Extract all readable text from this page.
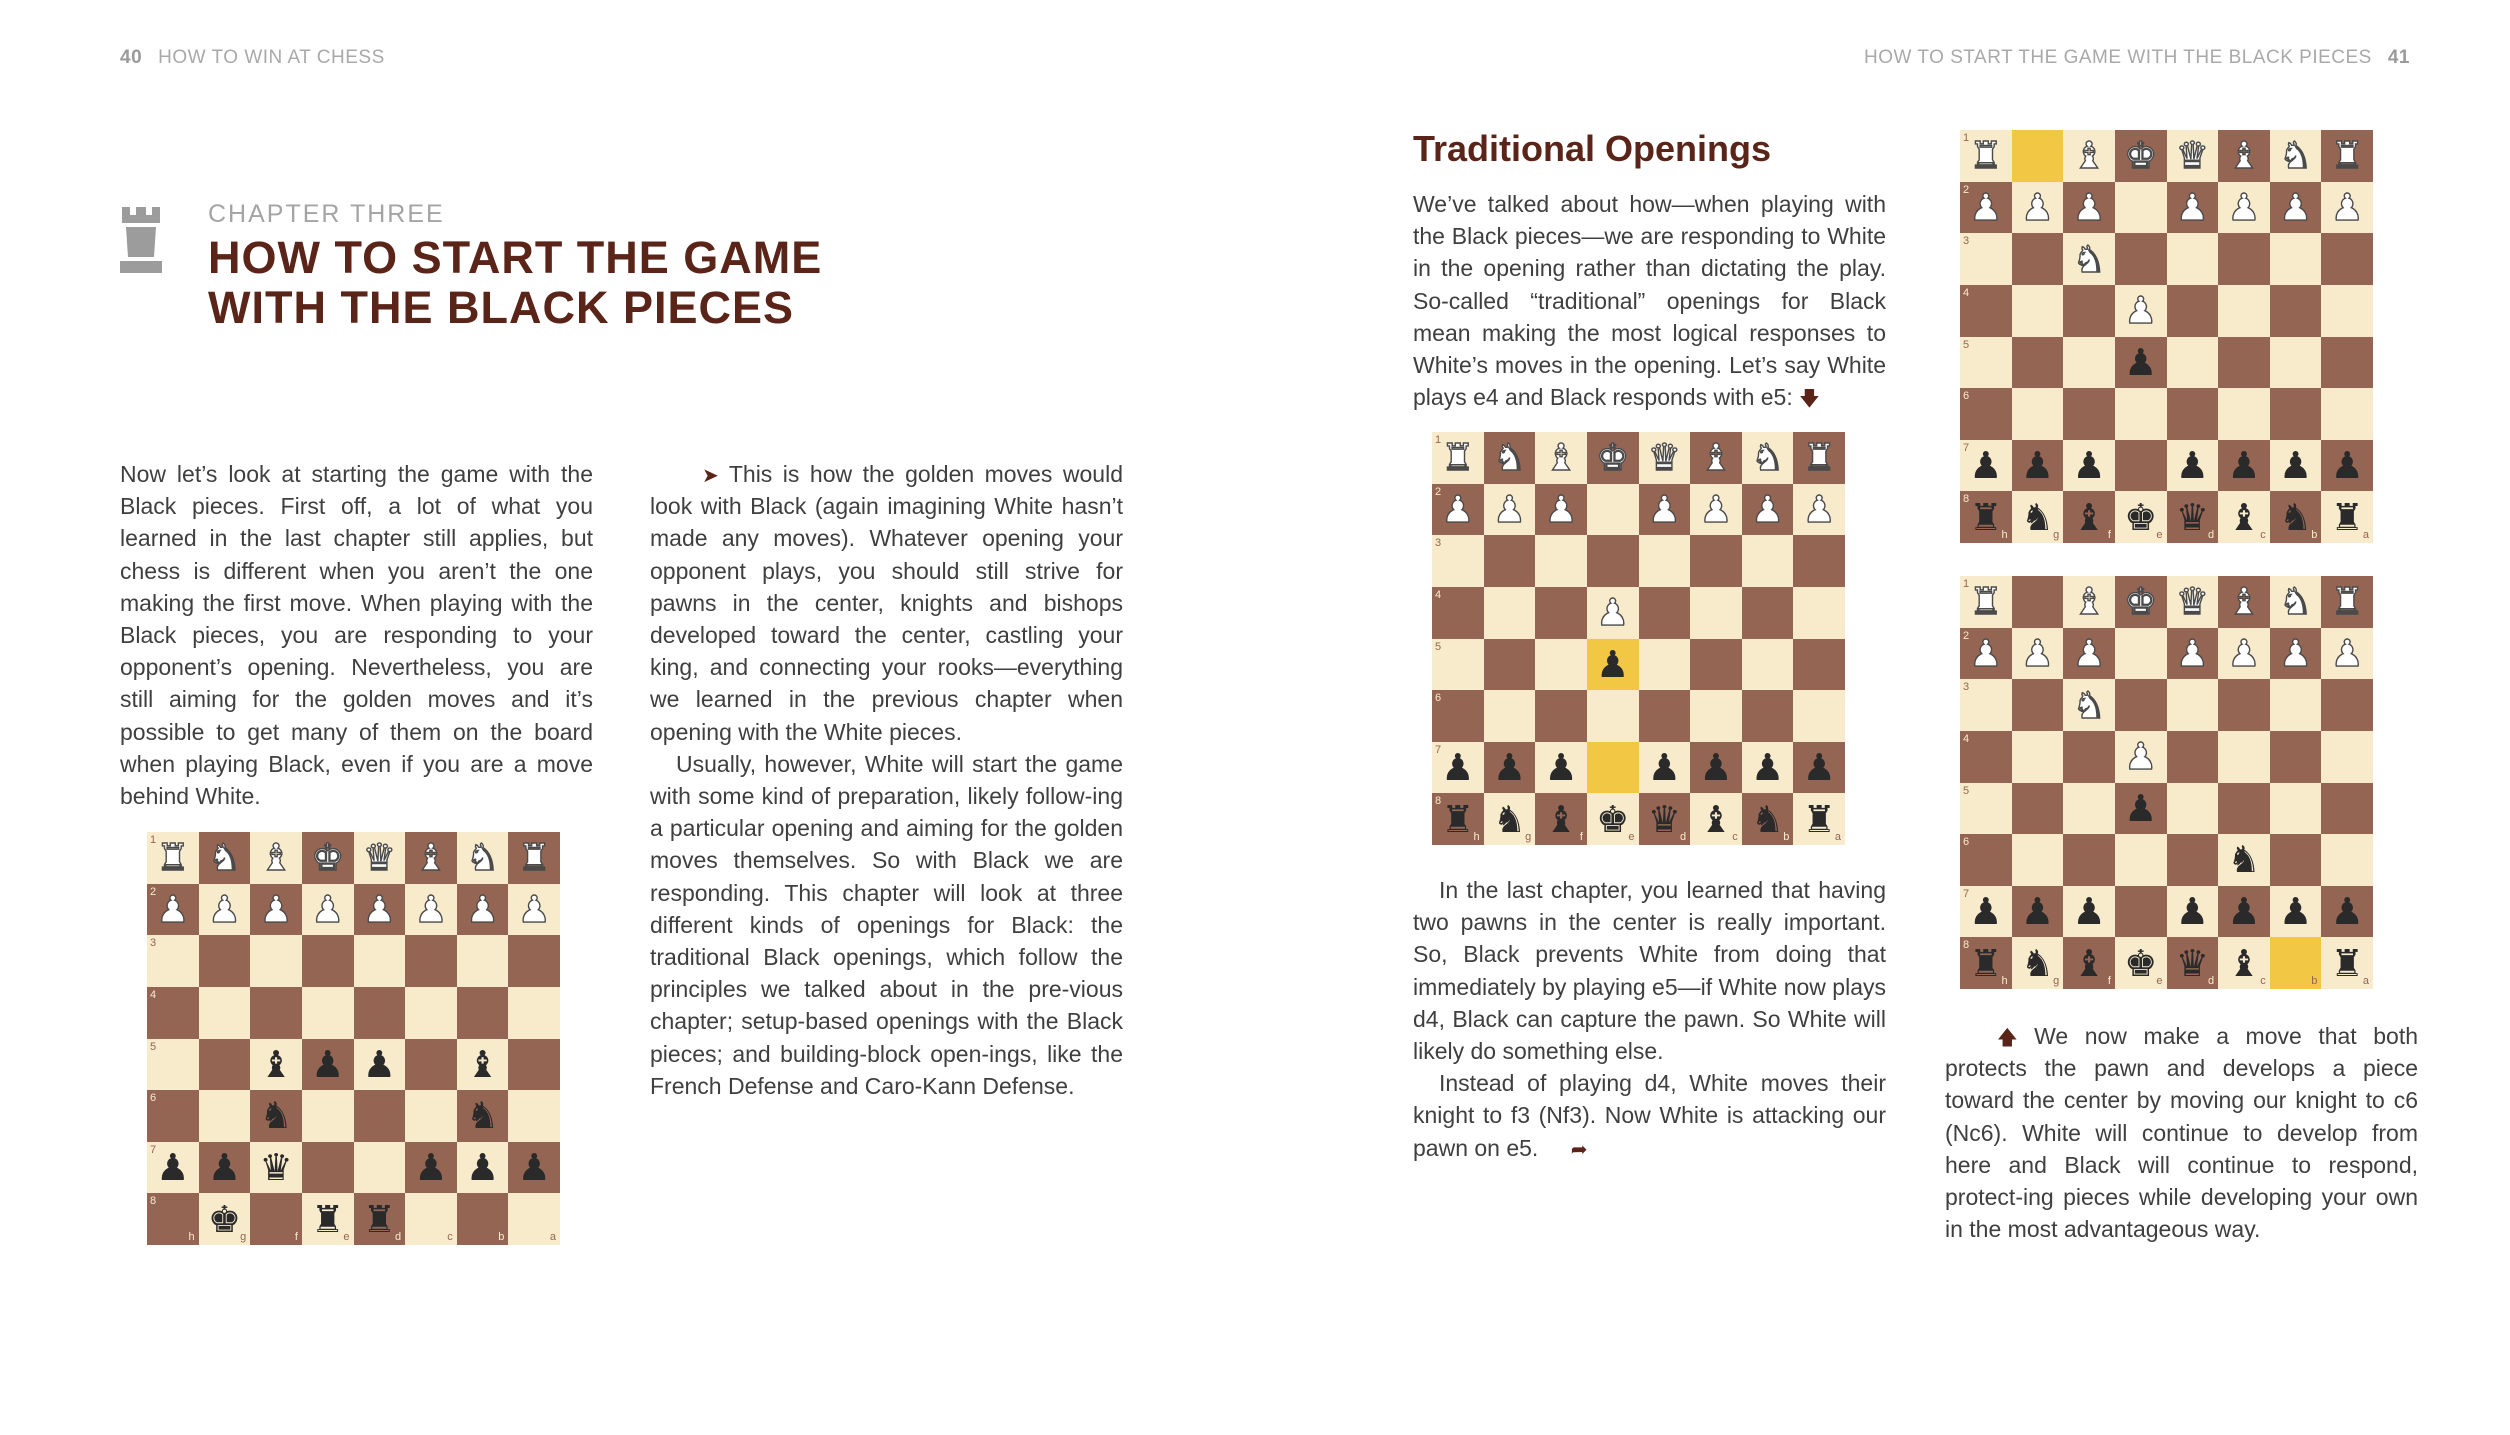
40 HOW TO WIN AT CHESS	HOW TO START THE GAME WITH THE BLACK PIECES 41
CHAPTER THREE
HOW TO START THE GAME
WITH THE BLACK PIECES

Now let’s look at starting the game with the Black pieces. First off, a lot of what you learned in the last chapter still applies, but chess is different when you aren’t the one making the first move. When playing with the Black pieces, you are responding to your opponent’s opening. Nevertheless, you are still aiming for the golden moves and it’s possible to get many of them on the board when playing Black, even if you are a move behind White.

➤ This is how the golden moves would look with Black (again imagining White hasn’t made any moves). Whatever opening your opponent plays, you should still strive for pawns in the center, knights and bishops developed toward the center, castling your king, and connecting your rooks—everything we learned in the previous chapter when opening with the White pieces.

Usually, however, White will start the game with some kind of preparation, likely follow-ing a particular opening and aiming for the golden moves themselves. So with Black we are responding. This chapter will look at three different kinds of openings for Black: the traditional Black openings, which follow the principles we talked about in the pre-vious chapter; setup-based openings with the Black pieces; and building-block open-ings, like the French Defense and Caro-Kann Defense.

Traditional Openings

We’ve talked about how—when playing with the Black pieces—we are responding to White in the opening rather than dictating the play. So-called “traditional” openings for Black mean making the most logical responses to White’s moves in the opening. Let’s say White plays e4 and Black responds with e5: 🡇

In the last chapter, you learned that having two pawns in the center is really important. So, Black prevents White from doing that immediately by playing e5—if White now plays d4, Black can capture the pawn. So White will likely do something else.

Instead of playing d4, White moves their knight to f3 (Nf3). Now White is attacking our pawn on e5. ➦

🡅 We now make a move that both protects the pawn and develops a piece toward the center by moving our knight to c6 (Nc6). White will continue to develop from here and Black will continue to respond, protect-ing pieces while developing your own in the most advantageous way.

1 ♜ ♞ ♝ ♚ ♛ ♝ ♞ ♜
2 ♟ ♟ ♟ ♟ ♟ ♟ ♟ ♟
3
4
5	♝ ♟ ♟ ♝
6	♞	♞
7 ♟ ♟ ♛	♟ ♟ ♟
8
h	g
♚	f	e
♜	d
♜	c	b	a
1 ♜ ♞ ♝ ♚ ♛ ♝ ♞ ♜
2 ♟ ♟ ♟ ♟ ♟ ♟ ♟
3
4	♟
5	♟
6
7 ♟ ♟ ♟ ♟ ♟ ♟ ♟
8
h
♜	g
♞	f
♝	e
♚	d
♛	c
♝	b
♞	a
♜
1 ♜ ♝ ♚ ♛ ♝ ♞ ♜
2 ♟ ♟ ♟ ♟ ♟ ♟ ♟
3	♞
4	♟
5	♟
6
7 ♟ ♟ ♟ ♟ ♟ ♟ ♟
8
h
♜	g
♞	f
♝	e
♚	d
♛	c
♝	b
♞	a
♜
1 ♜ ♝ ♚ ♛ ♝ ♞ ♜
2 ♟ ♟ ♟ ♟ ♟ ♟ ♟
3	♞
4	♟
5	♟
6	♞
7 ♟ ♟ ♟ ♟ ♟ ♟ ♟
8
h
♜	g
♞	f
♝	e
♚	d
♛	c
♝	b	a
♜
